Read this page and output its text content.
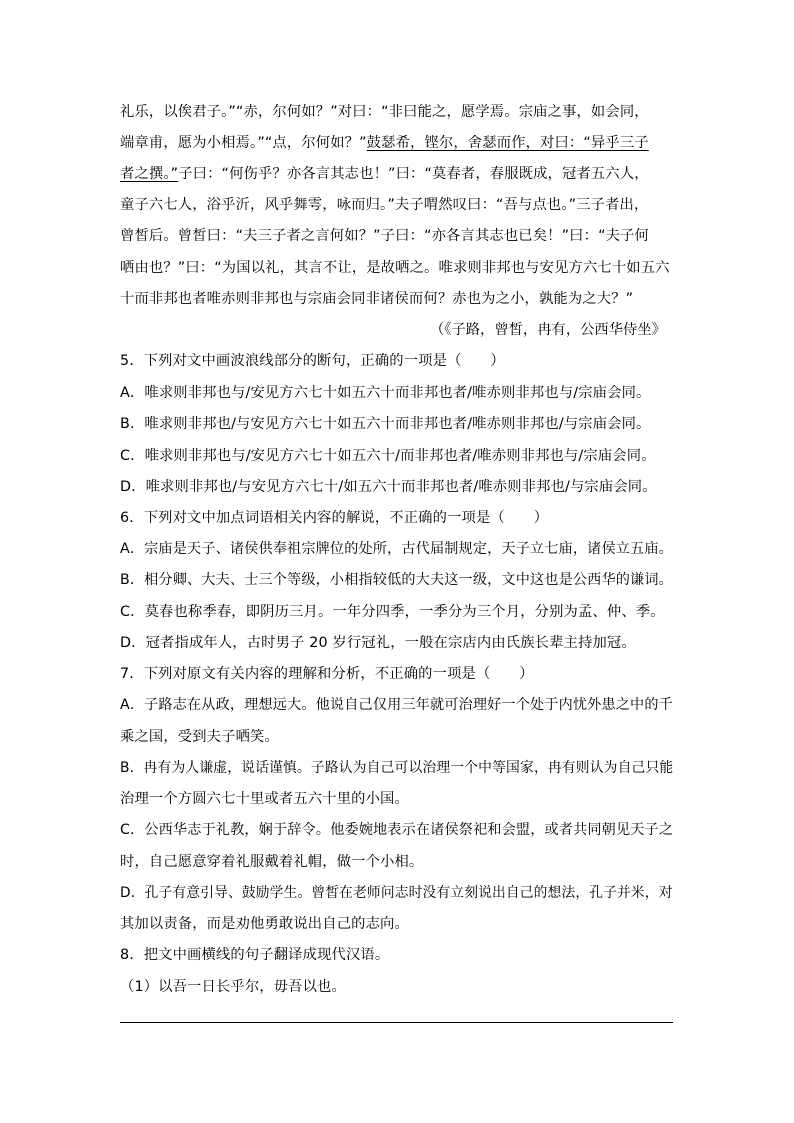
礼乐，以俟君子。”“赤，尔何如？”对曰：“非曰能之，愿学焉。宗庙之事，如会同，
端章甫，愿为小相焉。”“点，尔何如？”鼓瑟希，铿尔，舍瑟而作，对曰：“异乎三子
者之撰。”子曰：“何伤乎？亦各言其志也！”曰：“莫春者，春服既成，冠者五六人，
童子六七人，浴乎沂，风乎舞雩，咏而归。”夫子喟然叹曰：“吾与点也。”三子者出，
曾皙后。曾皙曰：“夫三子者之言何如？”子曰：“亦各言其志也已矣！”曰：“夫子何
哂由也？”曰：“为国以礼，其言不让，是故哂之。唯求则非邦也与安见方六七十如五六
十而非邦也者唯赤则非邦也与宗庙会同非诸侯而何？赤也为之小，孰能为之大？”
（《子路，曾皙，冉有，公西华侍坐》
5．下列对文中画波浪线部分的断句，正确的一项是（　　）
A．唯求则非邦也与/安见方六七十如五六十而非邦也者/唯赤则非邦也与/宗庙会同。
B．唯求则非邦也/与安见方六七十如五六十而非邦也者/唯赤则非邦也/与宗庙会同。
C．唯求则非邦也与/安见方六七十如五六十/而非邦也者/唯赤则非邦也与/宗庙会同。
D．唯求则非邦也/与安见方六七十/如五六十而非邦也者/唯赤则非邦也/与宗庙会同。
6．下列对文中加点词语相关内容的解说，不正确的一项是（　　）
A．宗庙是天子、诸侯供奉祖宗牌位的处所，古代届制规定，天子立七庙，诸侯立五庙。
B．相分卿、大夫、士三个等级，小相指较低的大夫这一级，文中这也是公西华的谦词。
C．莫春也称季春，即阴历三月。一年分四季，一季分为三个月，分别为孟、仲、季。
D．冠者指成年人，古时男子 20 岁行冠礼，一般在宗店内由氏族长辈主持加冠。
7．下列对原文有关内容的理解和分析，不正确的一项是（　　）
A．子路志在从政，理想远大。他说自己仅用三年就可治理好一个处于内忧外患之中的千
乘之国，受到夫子哂笑。
B．冉有为人谦虚，说话谨慎。子路认为自己可以治理一个中等国家，冉有则认为自己只能
治理一个方圆六七十里或者五六十里的小国。
C．公西华志于礼教，娴于辞令。他委婉地表示在诸侯祭祀和会盟，或者共同朝见天子之
时，自己愿意穿着礼服戴着礼帽，做一个小相。
D．孔子有意引导、鼓励学生。曾皙在老师问志时没有立刻说出自己的想法，孔子并米，对
其加以责备，而是劝他勇敢说出自己的志向。
8．把文中画横线的句子翻译成现代汉语。
（1）以吾一日长乎尔，毋吾以也。
